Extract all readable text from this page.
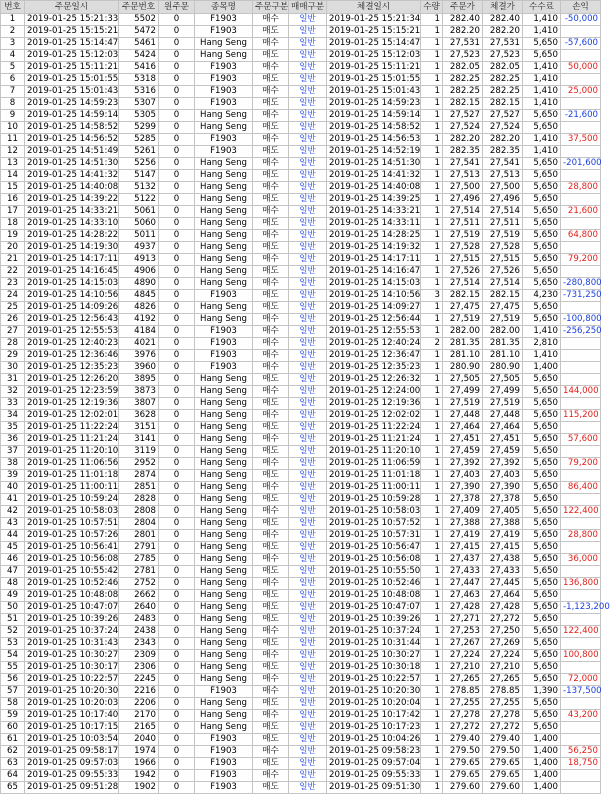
번호	주문일시	주문번호	원주문	종목명	주문구분	매매구분	체결일시	수량	주문가	체결가	수수료	손익
1	2019-01-25 15:21:33	5502	0	F1903	매수	일반	2019-01-25 15:21:34	1	282.40	282.40	1,410	-50,000
2	2019-01-25 15:15:21	5472	0	F1903	매도	일반	2019-01-25 15:15:21	1	282.20	282.20	1,410	
3	2019-01-25 15:14:47	5461	0	Hang Seng	매수	일반	2019-01-25 15:14:47	1	27,531	27,531	5,650	-57,600
4	2019-01-25 15:12:03	5424	0	Hang Seng	매도	일반	2019-01-25 15:12:03	1	27,523	27,523	5,650	
5	2019-01-25 15:11:21	5416	0	F1903	매수	일반	2019-01-25 15:11:21	1	282.05	282.05	1,410	50,000
6	2019-01-25 15:01:55	5318	0	F1903	매도	일반	2019-01-25 15:01:55	1	282.25	282.25	1,410	
7	2019-01-25 15:01:43	5316	0	F1903	매수	일반	2019-01-25 15:01:43	1	282.25	282.25	1,410	25,000
8	2019-01-25 14:59:23	5307	0	F1903	매도	일반	2019-01-25 14:59:23	1	282.15	282.15	1,410	
9	2019-01-25 14:59:14	5305	0	Hang Seng	매수	일반	2019-01-25 14:59:14	1	27,527	27,527	5,650	-21,600
10	2019-01-25 14:58:52	5299	0	Hang Seng	매도	일반	2019-01-25 14:58:52	1	27,524	27,524	5,650	
11	2019-01-25 14:56:52	5285	0	F1903	매수	일반	2019-01-25 14:56:53	1	282.20	282.20	1,410	37,500
12	2019-01-25 14:51:49	5261	0	F1903	매도	일반	2019-01-25 14:52:19	1	282.35	282.35	1,410	
13	2019-01-25 14:51:30	5256	0	Hang Seng	매수	일반	2019-01-25 14:51:30	1	27,541	27,541	5,650	-201,600
14	2019-01-25 14:41:32	5147	0	Hang Seng	매도	일반	2019-01-25 14:41:32	1	27,513	27,513	5,650	
15	2019-01-25 14:40:08	5132	0	Hang Seng	매수	일반	2019-01-25 14:40:08	1	27,500	27,500	5,650	28,800
16	2019-01-25 14:39:22	5122	0	Hang Seng	매도	일반	2019-01-25 14:39:25	1	27,496	27,496	5,650	
17	2019-01-25 14:33:21	5061	0	Hang Seng	매수	일반	2019-01-25 14:33:21	1	27,514	27,514	5,650	21,600
18	2019-01-25 14:33:10	5060	0	Hang Seng	매도	일반	2019-01-25 14:33:11	1	27,511	27,511	5,650	
19	2019-01-25 14:28:22	5011	0	Hang Seng	매수	일반	2019-01-25 14:28:25	1	27,519	27,519	5,650	64,800
20	2019-01-25 14:19:30	4937	0	Hang Seng	매도	일반	2019-01-25 14:19:32	1	27,528	27,528	5,650	
21	2019-01-25 14:17:11	4913	0	Hang Seng	매수	일반	2019-01-25 14:17:11	1	27,515	27,515	5,650	79,200
22	2019-01-25 14:16:45	4906	0	Hang Seng	매도	일반	2019-01-25 14:16:47	1	27,526	27,526	5,650	
23	2019-01-25 14:15:03	4890	0	Hang Seng	매수	일반	2019-01-25 14:15:03	1	27,514	27,514	5,650	-280,800
24	2019-01-25 14:10:56	4845	0	F1903	매도	일반	2019-01-25 14:10:56	3	282.15	282.15	4,230	-731,250
25	2019-01-25 14:09:26	4826	0	Hang Seng	매도	일반	2019-01-25 14:09:27	1	27,475	27,475	5,650	
26	2019-01-25 12:56:43	4192	0	Hang Seng	매수	일반	2019-01-25 12:56:44	1	27,519	27,519	5,650	-100,800
27	2019-01-25 12:55:53	4184	0	F1903	매수	일반	2019-01-25 12:55:53	1	282.00	282.00	1,410	-256,250
28	2019-01-25 12:40:23	4021	0	F1903	매수	일반	2019-01-25 12:40:24	2	281.35	281.35	2,810	
29	2019-01-25 12:36:46	3976	0	F1903	매수	일반	2019-01-25 12:36:47	1	281.10	281.10	1,410	
30	2019-01-25 12:35:23	3960	0	F1903	매수	일반	2019-01-25 12:35:23	1	280.90	280.90	1,400	
31	2019-01-25 12:26:20	3895	0	Hang Seng	매도	일반	2019-01-25 12:26:32	1	27,505	27,505	5,650	
32	2019-01-25 12:23:59	3873	0	Hang Seng	매수	일반	2019-01-25 12:24:00	1	27,499	27,499	5,650	144,000
33	2019-01-25 12:19:36	3807	0	Hang Seng	매도	일반	2019-01-25 12:19:36	1	27,519	27,519	5,650	
34	2019-01-25 12:02:01	3628	0	Hang Seng	매수	일반	2019-01-25 12:02:02	1	27,448	27,448	5,650	115,200
35	2019-01-25 11:22:24	3151	0	Hang Seng	매도	일반	2019-01-25 11:22:24	1	27,464	27,464	5,650	
36	2019-01-25 11:21:24	3141	0	Hang Seng	매수	일반	2019-01-25 11:21:24	1	27,451	27,451	5,650	57,600
37	2019-01-25 11:20:10	3119	0	Hang Seng	매도	일반	2019-01-25 11:20:10	1	27,459	27,459	5,650	
38	2019-01-25 11:06:56	2952	0	Hang Seng	매수	일반	2019-01-25 11:06:59	1	27,392	27,392	5,650	79,200
39	2019-01-25 11:01:18	2874	0	Hang Seng	매도	일반	2019-01-25 11:01:18	1	27,403	27,403	5,650	
40	2019-01-25 11:00:11	2851	0	Hang Seng	매수	일반	2019-01-25 11:00:11	1	27,390	27,390	5,650	86,400
41	2019-01-25 10:59:24	2828	0	Hang Seng	매도	일반	2019-01-25 10:59:28	1	27,378	27,378	5,650	
42	2019-01-25 10:58:03	2808	0	Hang Seng	매수	일반	2019-01-25 10:58:03	1	27,409	27,405	5,650	122,400
43	2019-01-25 10:57:51	2804	0	Hang Seng	매도	일반	2019-01-25 10:57:52	1	27,388	27,388	5,650	
44	2019-01-25 10:57:26	2801	0	Hang Seng	매수	일반	2019-01-25 10:57:31	1	27,419	27,419	5,650	28,800
45	2019-01-25 10:56:41	2791	0	Hang Seng	매도	일반	2019-01-25 10:56:47	1	27,415	27,415	5,650	
46	2019-01-25 10:56:08	2785	0	Hang Seng	매수	일반	2019-01-25 10:56:08	1	27,437	27,438	5,650	36,000
47	2019-01-25 10:55:42	2781	0	Hang Seng	매도	일반	2019-01-25 10:55:50	1	27,433	27,433	5,650	
48	2019-01-25 10:52:46	2752	0	Hang Seng	매수	일반	2019-01-25 10:52:46	1	27,447	27,445	5,650	136,800
49	2019-01-25 10:48:08	2662	0	Hang Seng	매도	일반	2019-01-25 10:48:08	1	27,463	27,464	5,650	
50	2019-01-25 10:47:07	2640	0	Hang Seng	매도	일반	2019-01-25 10:47:07	1	27,428	27,428	5,650	-1,123,200
51	2019-01-25 10:39:26	2483	0	Hang Seng	매도	일반	2019-01-25 10:39:26	1	27,271	27,272	5,650	
52	2019-01-25 10:37:24	2438	0	Hang Seng	매수	일반	2019-01-25 10:37:24	1	27,253	27,250	5,650	122,400
53	2019-01-25 10:31:43	2343	0	Hang Seng	매도	일반	2019-01-25 10:31:44	1	27,267	27,269	5,650	
54	2019-01-25 10:30:27	2309	0	Hang Seng	매수	일반	2019-01-25 10:30:27	1	27,224	27,224	5,650	100,800
55	2019-01-25 10:30:17	2306	0	Hang Seng	매도	일반	2019-01-25 10:30:18	1	27,210	27,210	5,650	
56	2019-01-25 10:22:57	2245	0	Hang Seng	매수	일반	2019-01-25 10:22:57	1	27,265	27,265	5,650	72,000
57	2019-01-25 10:20:30	2216	0	F1903	매수	일반	2019-01-25 10:20:30	1	278.85	278.85	1,390	-137,500
58	2019-01-25 10:20:03	2206	0	Hang Seng	매도	일반	2019-01-25 10:20:04	1	27,255	27,255	5,650	
59	2019-01-25 10:17:40	2170	0	Hang Seng	매수	일반	2019-01-25 10:17:42	1	27,278	27,278	5,650	43,200
60	2019-01-25 10:17:15	2165	0	Hang Seng	매도	일반	2019-01-25 10:17:23	1	27,272	27,272	5,650	
61	2019-01-25 10:03:54	2040	0	F1903	매도	일반	2019-01-25 10:04:26	1	279.40	279.40	1,400	
62	2019-01-25 09:58:17	1974	0	F1903	매수	일반	2019-01-25 09:58:23	1	279.50	279.50	1,400	56,250
63	2019-01-25 09:57:03	1966	0	F1903	매도	일반	2019-01-25 09:57:04	1	279.65	279.65	1,400	18,750
64	2019-01-25 09:55:33	1942	0	F1903	매수	일반	2019-01-25 09:55:33	1	279.65	279.65	1,400	
65	2019-01-25 09:51:28	1902	0	F1903	매도	일반	2019-01-25 09:51:30	1	279.60	279.60	1,400	
